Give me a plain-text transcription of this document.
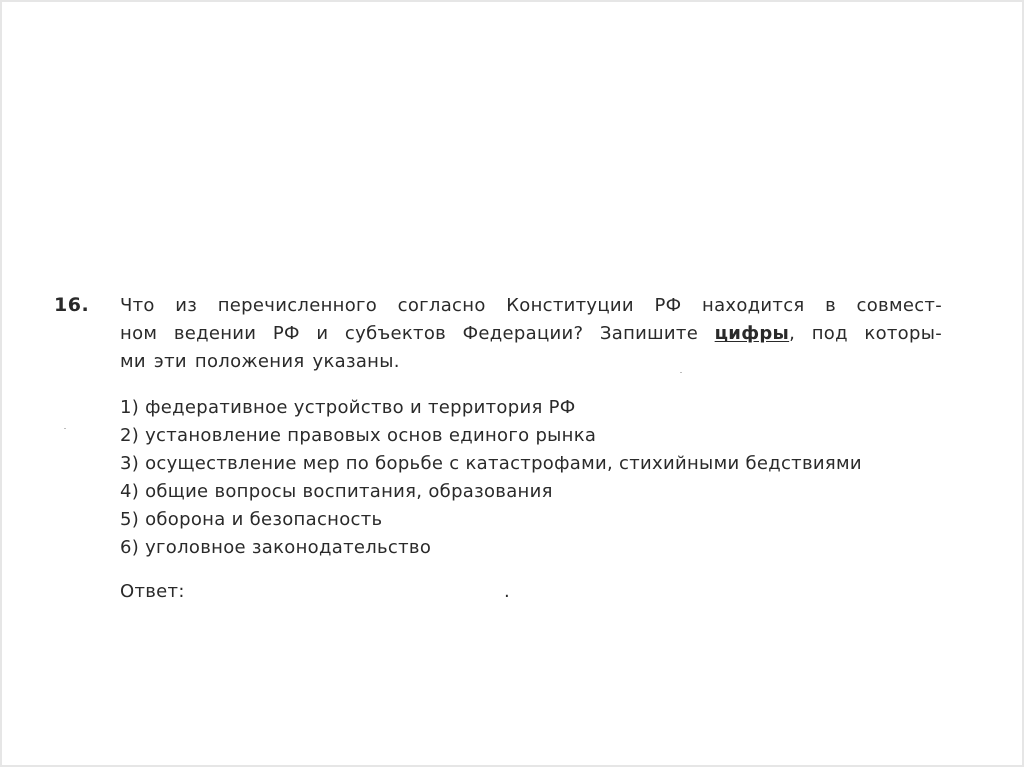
16. Что из перечисленного согласно Конституции РФ находится в совмест-
ном ведении РФ и субъектов Федерации? Запишите цифры, под которы-
ми эти положения указаны.

1) федеративное устройство и территория РФ
2) установление правовых основ единого рынка
3) осуществление мер по борьбе с катастрофами, стихийными бедствиями
4) общие вопросы воспитания, образования
5) оборона и безопасность
6) уголовное законодательство
Ответ:	.
